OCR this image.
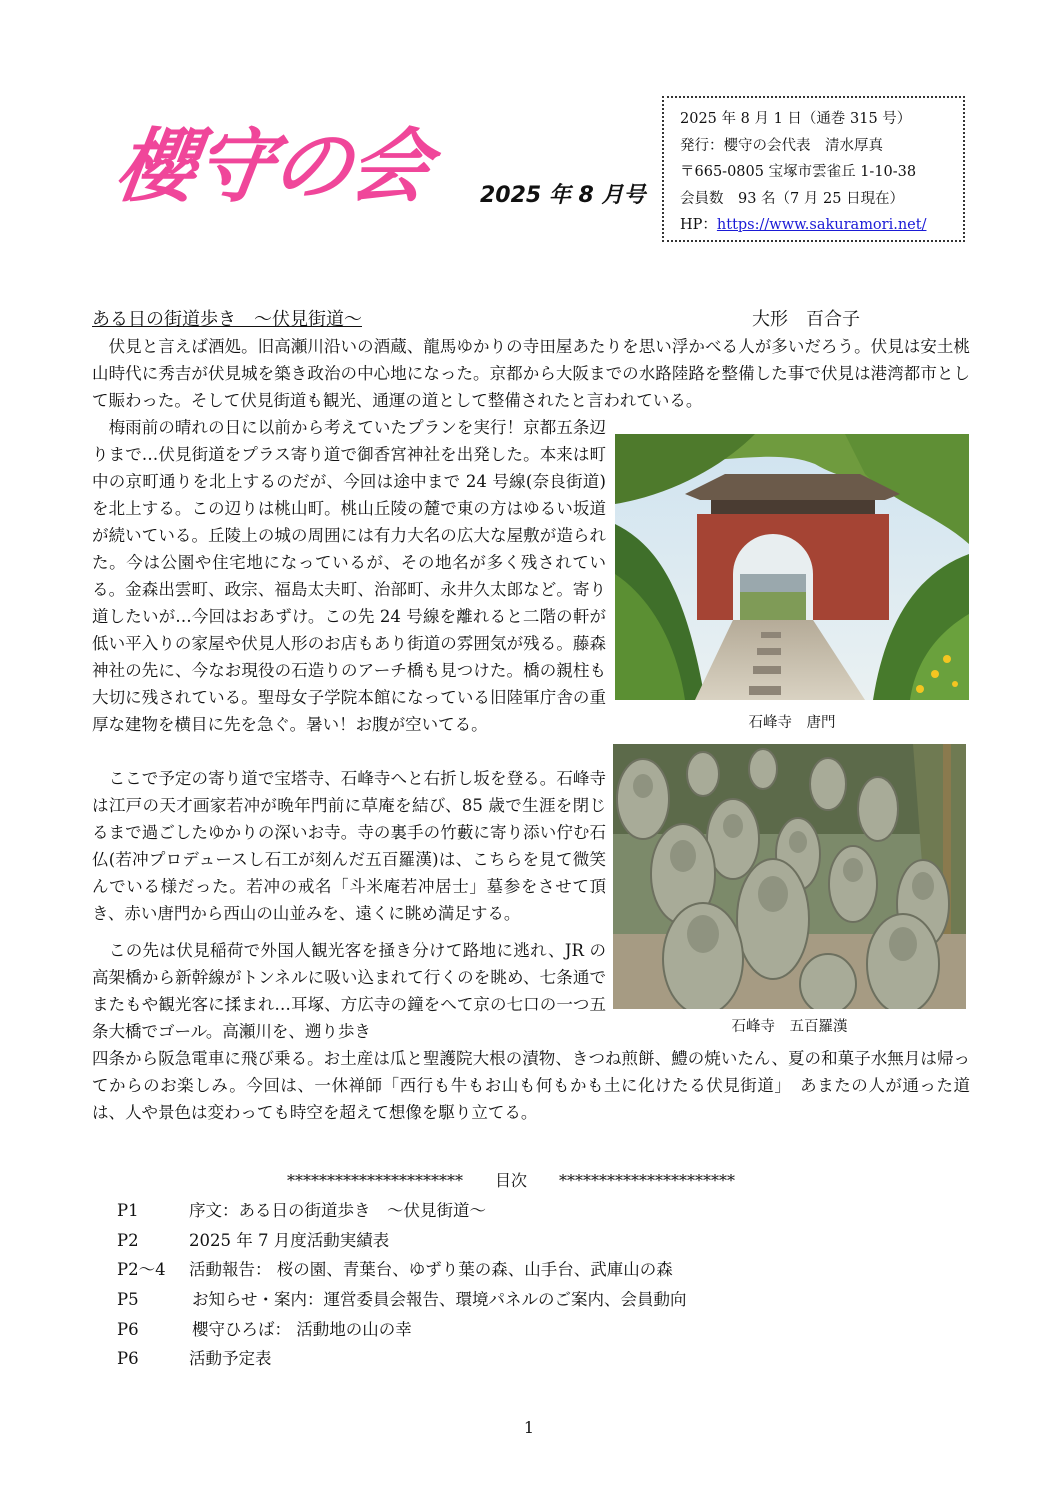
櫻守の会 2025 年 8 月号
2025 年 8 月 1 日（通巻 315 号）
発行：櫻守の会代表　清水厚真
〒665-0805 宝塚市雲雀丘 1-10-38
会員数　93 名（7 月 25 日現在）
HP：https://www.sakuramori.net/
ある日の街道歩き　～伏見街道～	大形　百合子
　伏見と言えば酒処。旧高瀬川沿いの酒蔵、龍馬ゆかりの寺田屋あたりを思い浮かべる人が多いだろう。伏見は安土桃山時代に秀吉が伏見城を築き政治の中心地になった。京都から大阪までの水路陸路を整備した事で伏見は港湾都市として賑わった。そして伏見街道も観光、通運の道として整備されたと言われている。
　梅雨前の晴れの日に以前から考えていたプランを実行！京都五条辺りまで…伏見街道をプラス寄り道で御香宮神社を出発した。本来は町中の京町通りを北上するのだが、今回は途中まで 24 号線(奈良街道)を北上する。この辺りは桃山町。桃山丘陵の麓で東の方はゆるい坂道が続いている。丘陵上の城の周囲には有力大名の広大な屋敷が造られた。今は公園や住宅地になっているが、その地名が多く残されている。金森出雲町、政宗、福島太夫町、治部町、永井久太郎など。寄り道したいが…今回はおあずけ。この先 24 号線を離れると二階の軒が低い平入りの家屋や伏見人形のお店もあり街道の雰囲気が残る。藤森神社の先に、今なお現役の石造りのアーチ橋も見つけた。橋の親柱も大切に残されている。聖母女子学院本館になっている旧陸軍庁舎の重厚な建物を横目に先を急ぐ。暑い！お腹が空いてる。
　ここで予定の寄り道で宝塔寺、石峰寺へと右折し坂を登る。石峰寺は江戸の天才画家若冲が晩年門前に草庵を結び、85 歳で生涯を閉じるまで過ごしたゆかりの深いお寺。寺の裏手の竹藪に寄り添い佇む石仏(若冲プロデュースし石工が刻んだ五百羅漢)は、こちらを見て微笑んでいる様だった。若冲の戒名「斗米庵若冲居士」墓参をさせて頂き、赤い唐門から西山の山並みを、遠くに眺め満足する。
　この先は伏見稲荷で外国人観光客を掻き分けて路地に逃れ、JR の高架橋から新幹線がトンネルに吸い込まれて行くのを眺め、七条通でまたもや観光客に揉まれ…耳塚、方広寺の鐘をへて京の七口の一つ五条大橋でゴール。高瀬川を、遡り歩き
四条から阪急電車に飛び乗る。お土産は瓜と聖護院大根の漬物、きつね煎餅、鱧の焼いたん、夏の和菓子水無月は帰ってからのお楽しみ。今回は、一休禅師「西行も牛もお山も何もかも土に化けたる伏見街道」　あまたの人が通った道は、人や景色は変わっても時空を超えて想像を駆り立てる。
石峰寺　唐門
石峰寺　五百羅漢
**********************　　目次　　**********************
P1	序文：ある日の街道歩き　～伏見街道～
P2	2025 年 7 月度活動実績表
P2～4 活動報告： 桜の園、青葉台、ゆずり葉の森、山手台、武庫山の森
P5	お知らせ・案内：運営委員会報告、環境パネルのご案内、会員動向
P6	櫻守ひろば： 活動地の山の幸
P6	活動予定表
1
